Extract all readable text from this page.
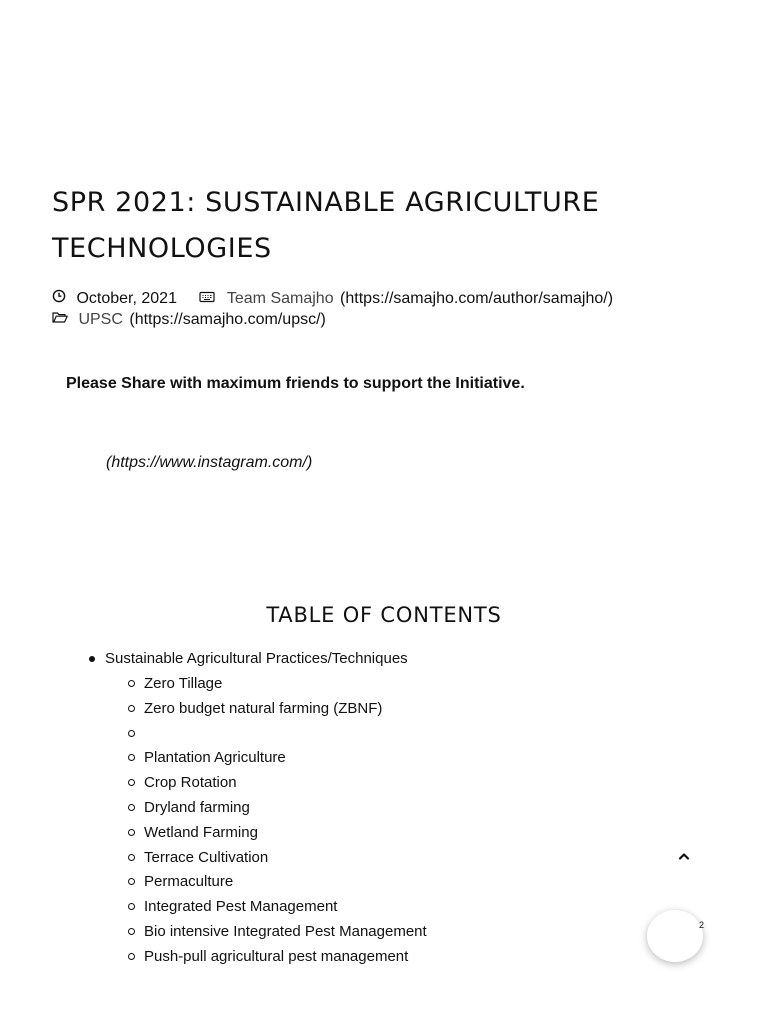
SPR 2021: SUSTAINABLE AGRICULTURE TECHNOLOGIES
October, 2021	Team Samajho (https://samajho.com/author/samajho/)
UPSC (https://samajho.com/upsc/)
Please Share with maximum friends to support the Initiative.
(https://www.instagram.com/)
TABLE OF CONTENTS
Sustainable Agricultural Practices/Techniques
Zero Tillage
Zero budget natural farming (ZBNF)
Plantation Agriculture
Crop Rotation
Dryland farming
Wetland Farming
Terrace Cultivation
Permaculture
Integrated Pest Management
Bio intensive Integrated Pest Management
Push-pull agricultural pest management
2
